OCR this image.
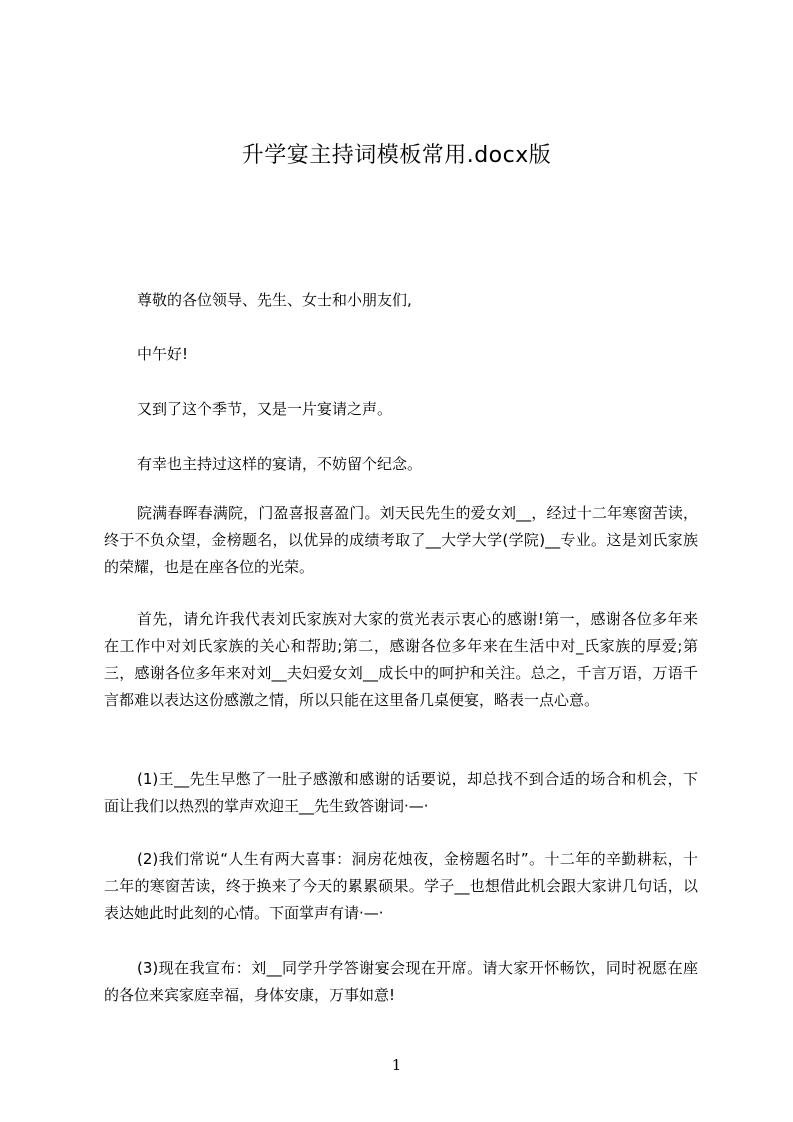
升学宴主持词模板常用.docx版

尊敬的各位领导、先生、女士和小朋友们,

中午好!

又到了这个季节，又是一片宴请之声。

有幸也主持过这样的宴请，不妨留个纪念。

院满春晖春满院，门盈喜报喜盈门。刘天民先生的爱女刘__，经过十二年寒窗苦读，终于不负众望，金榜题名，以优异的成绩考取了__大学大学(学院)__专业。这是刘氏家族的荣耀，也是在座各位的光荣。

首先，请允许我代表刘氏家族对大家的赏光表示衷心的感谢!第一，感谢各位多年来在工作中对刘氏家族的关心和帮助;第二，感谢各位多年来在生活中对_氏家族的厚爱;第三，感谢各位多年来对刘__夫妇爱女刘__成长中的呵护和关注。总之，千言万语，万语千言都难以表达这份感激之情，所以只能在这里备几桌便宴，略表一点心意。

(1)王__先生早憋了一肚子感激和感谢的话要说，却总找不到合适的场合和机会，下面让我们以热烈的掌声欢迎王__先生致答谢词·—·

(2)我们常说“人生有两大喜事：洞房花烛夜，金榜题名时”。十二年的辛勤耕耘，十二年的寒窗苦读，终于换来了今天的累累硕果。学子__也想借此机会跟大家讲几句话，以表达她此时此刻的心情。下面掌声有请·—·

(3)现在我宣布：刘__同学升学答谢宴会现在开席。请大家开怀畅饮，同时祝愿在座的各位来宾家庭幸福，身体安康，万事如意!

1
